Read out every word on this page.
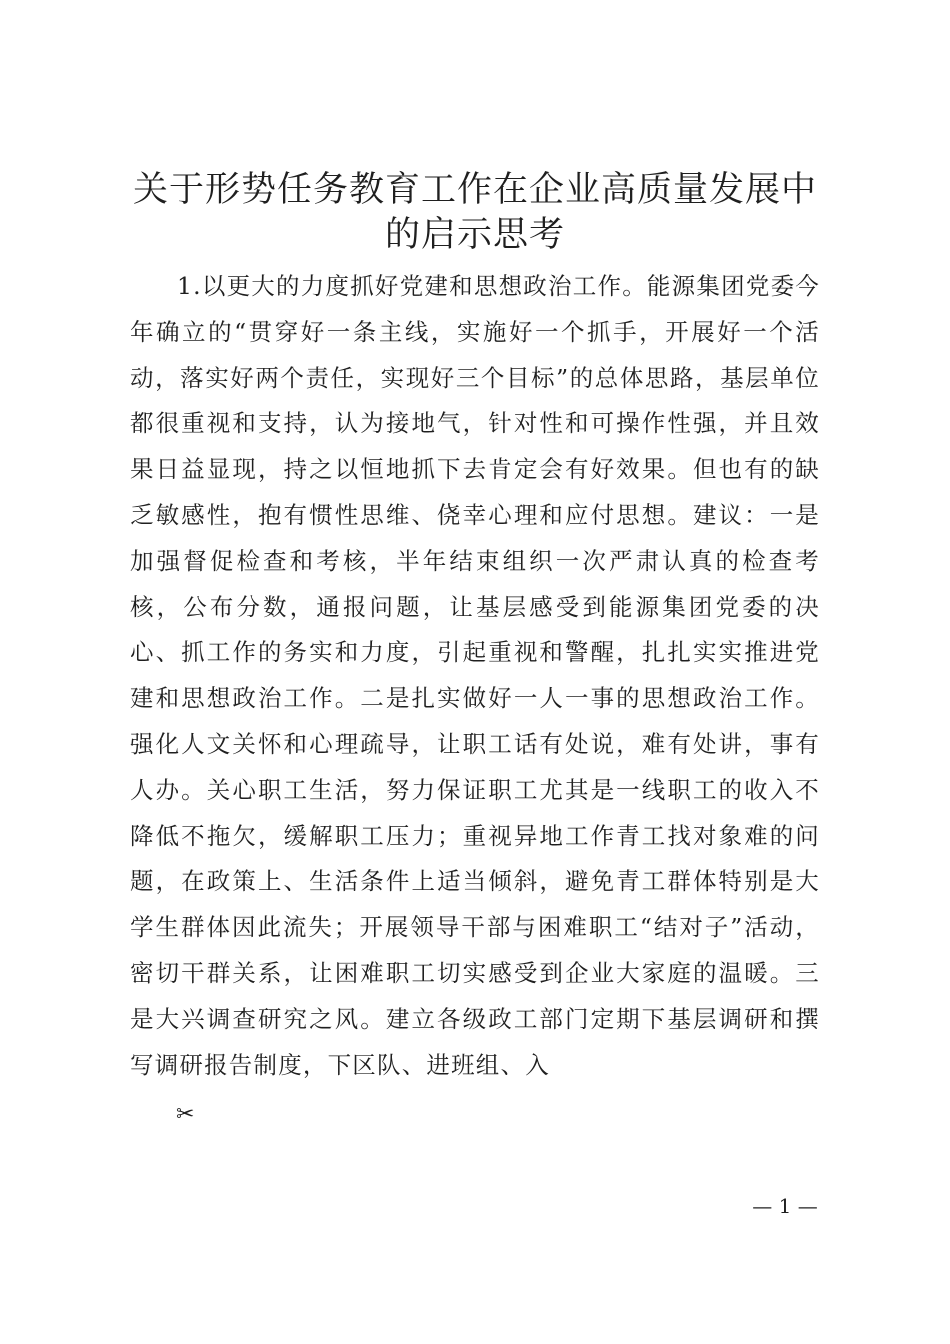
关于形势任务教育工作在企业高质量发展中的启示思考

1.以更大的力度抓好党建和思想政治工作。能源集团党委今年确立的“贯穿好一条主线，实施好一个抓手，开展好一个活动，落实好两个责任，实现好三个目标”的总体思路，基层单位都很重视和支持，认为接地气，针对性和可操作性强，并且效果日益显现，持之以恒地抓下去肯定会有好效果。但也有的缺乏敏感性，抱有惯性思维、侥幸心理和应付思想。建议：一是加强督促检查和考核，半年结束组织一次严肃认真的检查考核，公布分数，通报问题，让基层感受到能源集团党委的决心、抓工作的务实和力度，引起重视和警醒，扎扎实实推进党建和思想政治工作。二是扎实做好一人一事的思想政治工作。强化人文关怀和心理疏导，让职工话有处说，难有处讲，事有人办。关心职工生活，努力保证职工尤其是一线职工的收入不降低不拖欠，缓解职工压力；重视异地工作青工找对象难的问题，在政策上、生活条件上适当倾斜，避免青工群体特别是大学生群体因此流失；开展领导干部与困难职工“结对子”活动，密切干群关系，让困难职工切实感受到企业大家庭的温暖。三是大兴调查研究之风。建立各级政工部门定期下基层调研和撰写调研报告制度，下区队、进班组、入

✂
— 1 —
